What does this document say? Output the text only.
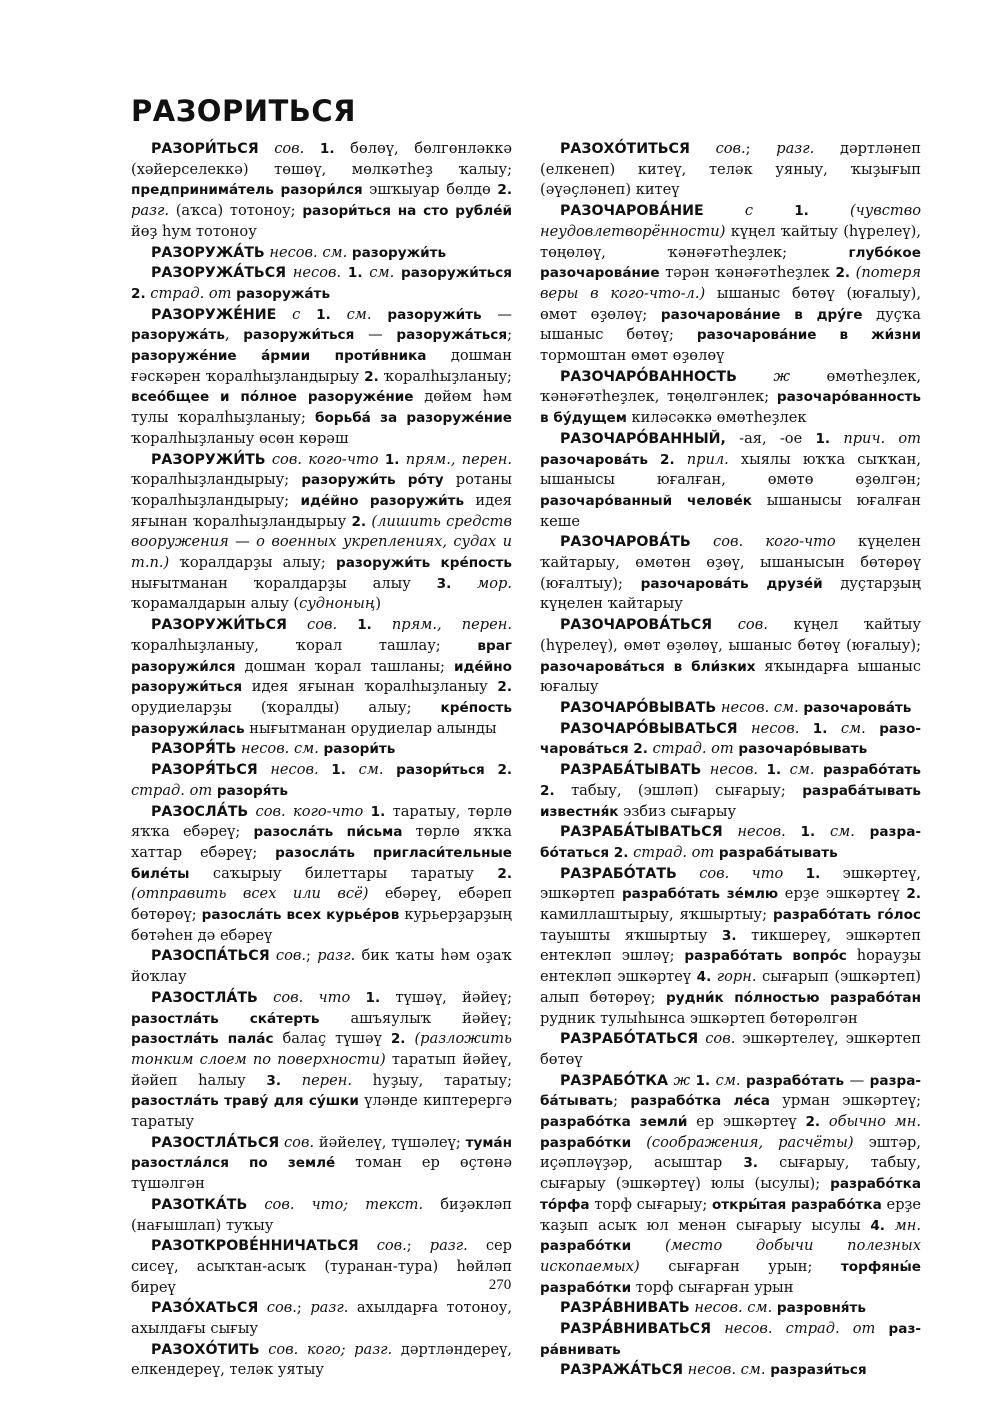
РАЗОРИТЬСЯ

РАЗОРИ́ТЬСЯ сов. 1. бөлөү, бөлгөнләккә (хәйерселеккә) төшөү, мөлкәтһеҙ ҡалыу; предпринима́тель разори́лся эшҡыуар бөлдө 2. разг. (аҡса) тотоноу; разори́ться на сто рубле́й йөҙ һум тотоноу

РАЗОРУЖА́ТЬ несов. см. разоружи́ть

РАЗОРУЖА́ТЬСЯ несов. 1. см. разоружи́ться 2. страд. от разоружа́ть

РАЗОРУЖЕ́НИЕ с 1. см. разоружи́ть — разоружа́ть, разоружи́ться — разоружа́ться; разоруже́ние а́рмии проти́вника дошман ғәскәрен ҡоралһыҙландырыу 2. ҡоралһыҙланыу; всео́бщее и по́лное разоруже́ние дөйөм һәм тулы ҡоралһыҙланыу; борьба́ за разоруже́ние ҡоралһыҙланыу өсөн көрәш

РАЗОРУЖИ́ТЬ сов. кого-что 1. прям., перен. ҡоралһыҙландырыу; разоружи́ть ро́ту ротаны ҡоралһыҙландырыу; иде́йно разоружи́ть идея яғынан ҡоралһыҙландырыу 2. (лишить средств вооружения — о военных укреплениях, судах и т.п.) ҡоралдарҙы алыу; разоружи́ть кре́пость нығытманан ҡоралдарҙы алыу 3. мор. ҡорамалдарын алыу (судноның)

РАЗОРУЖИ́ТЬСЯ сов. 1. прям., перен. ҡоралһыҙланыу, ҡорал ташлау; враг разоружи́лся дошман ҡорал ташланы; иде́йно разоружи́ться идея яғынан ҡоралһыҙланыу 2. орудиеларҙы (ҡоралды) алыу; кре́пость разоружи́лась нығытманан орудиелар алынды

РАЗОРЯ́ТЬ несов. см. разори́ть

РАЗОРЯ́ТЬСЯ несов. 1. см. разори́ться 2. страд. от разоря́ть

РАЗОСЛА́ТЬ сов. кого-что 1. таратыу, төрлө яҡҡа ебәреү; разосла́ть пи́сьма төрлө яҡҡа хаттар ебәреү; разосла́ть пригласи́тельные биле́ты саҡырыу билеттары таратыу 2. (отправить всех или всё) ебәреү, ебәреп бөтөрөү; разосла́ть всех курье́ров курьерҙарҙың бөтәһен дә ебәреү

РАЗОСПА́ТЬСЯ сов.; разг. бик ҡаты һәм оҙаҡ йоҡлау

РАЗОСТЛА́ТЬ сов. что 1. түшәү, йәйеү; разостла́ть ска́терть ашъяулыҡ йәйеү; разостла́ть пала́с балаҫ түшәү 2. (разложить тонким слоем по поверхности) таратып йәйеү, йәйеп һалыу 3. перен. һуҙыу, таратыу; разостла́ть траву́ для су́шки үләнде киптерергә таратыу

РАЗОСТЛА́ТЬСЯ сов. йәйелеү, түшәлеү; тума́н разостла́лся по земле́ томан ер өҫтөнә түшәлгән

РАЗОТКА́ТЬ сов. что; текст. биҙәкләп (нағышлап) туҡыу

РАЗОТКРОВЕ́ННИЧАТЬСЯ сов.; разг. сер сисеү, асыҡтан-асыҡ (туранан-тура) һөйләп биреү

РАЗО́ХАТЬСЯ сов.; разг. ахылдарға тотоноу, ахылдағы сығыу

РАЗОХО́ТИТЬ сов. кого; разг. дәртләндереү, елкендереү, теләк уятыу

РАЗОХО́ТИТЬСЯ сов.; разг. дәртләнеп (елкенеп) китеү, теләк уяныу, ҡыҙығып (әүәҫләнеп) китеү

РАЗОЧАРОВА́НИЕ	с	1.	(чувство неудовлетворённости) күңел ҡайтыу (һүрелеү), төңөлөү, ҡәнәғәтһеҙлек; глубо́кое разочарова́ние тәрән ҡәнәғәтһеҙлек 2. (потеря веры в кого-что-л.) ышаныс бөтөү (юғалыу), өмөт өҙөлөү; разочарова́ние в дру́ге дуҫҡа ышаныс бөтөү; разочарова́ние в жи́зни тормоштан өмөт өҙөлөү

РАЗОЧАРО́ВАННОСТЬ ж өмөтһеҙлек, ҡәнәғәтһеҙлек, төңөлгәнлек; разочаро́ванность в бу́дущем киләсәккә өмөтһеҙлек

РАЗОЧАРО́ВАННЫЙ, -ая, -ое 1. прич. от разочарова́ть 2. прил. хыялы юҡҡа сыҡҡан, ышанысы юғалған, өмөтө өҙөлгән; разочаро́ванный челове́к ышанысы юғалған кеше

РАЗОЧАРОВА́ТЬ сов. кого-что күңелен ҡайтарыу, өмөтөн өҙөү, ышанысын бөтөрөү (юғалтыу); разочарова́ть друзе́й дуҫтарҙың күңелен ҡайтарыу

РАЗОЧАРОВА́ТЬСЯ сов. күңел ҡайтыу (һүрелеү), өмөт өҙөлөү, ышаныс бөтөү (юғалыу); разочарова́ться в бли́зких яҡындарға ышаныс юғалыу

РАЗОЧАРО́ВЫВАТЬ несов. см. разочарова́ть

РАЗОЧАРО́ВЫВАТЬСЯ несов. 1. см. разочарова́ться 2. страд. от разочаро́вывать

РАЗРАБА́ТЫВАТЬ несов. 1. см. разрабо́тать 2. табыу, (эшләп) сығарыу; разраба́тывать известня́к эзбиз сығарыу

РАЗРАБА́ТЫВАТЬСЯ несов. 1. см. разрабо́таться 2. страд. от разраба́тывать

РАЗРАБО́ТАТЬ сов. что 1. эшкәртеү, эшкәртеп разрабо́тать зе́млю ерҙе эшкәртеү 2. камиллаштырыу, яҡшыртыу; разрабо́тать го́лос тауышты яҡшыртыу 3. тикшереү, эшкәртеп ентекләп эшләү; разрабо́тать вопро́с һорауҙы ентекләп эшкәртеү 4. горн. сығарып (эшкәртеп) алып бөтөрөү; рудни́к по́лностью разрабо́тан рудник тулыһынса эшкәртеп бөтөрөлгән

РАЗРАБО́ТАТЬСЯ сов. эшкәртелеү, эшкәртеп бөтөү

РАЗРАБО́ТКА ж 1. см. разрабо́тать — разраба́тывать; разрабо́тка ле́са урман эшкәртеү; разрабо́тка земли́ ер эшкәртеү 2. обычно мн. разрабо́тки (соображения, расчёты) эштәр, иҫәпләүҙәр, асыштар 3. сығарыу, табыу, сығарыу (эшкәртеү) юлы (ысулы); разрабо́тка то́рфа торф сығарыу; откры́тая разрабо́тка ерҙе ҡаҙып асыҡ юл менән сығарыу ысулы 4. мн. разрабо́тки (место добычи полезных ископаемых) сығарған урын; торфяны́е разрабо́тки торф сығарған урын

РАЗРА́ВНИВАТЬ несов. см. разровня́ть

РАЗРА́ВНИВАТЬСЯ несов. страд. от разра́внивать

РАЗРАЖА́ТЬСЯ несов. см. разрази́ться

270
